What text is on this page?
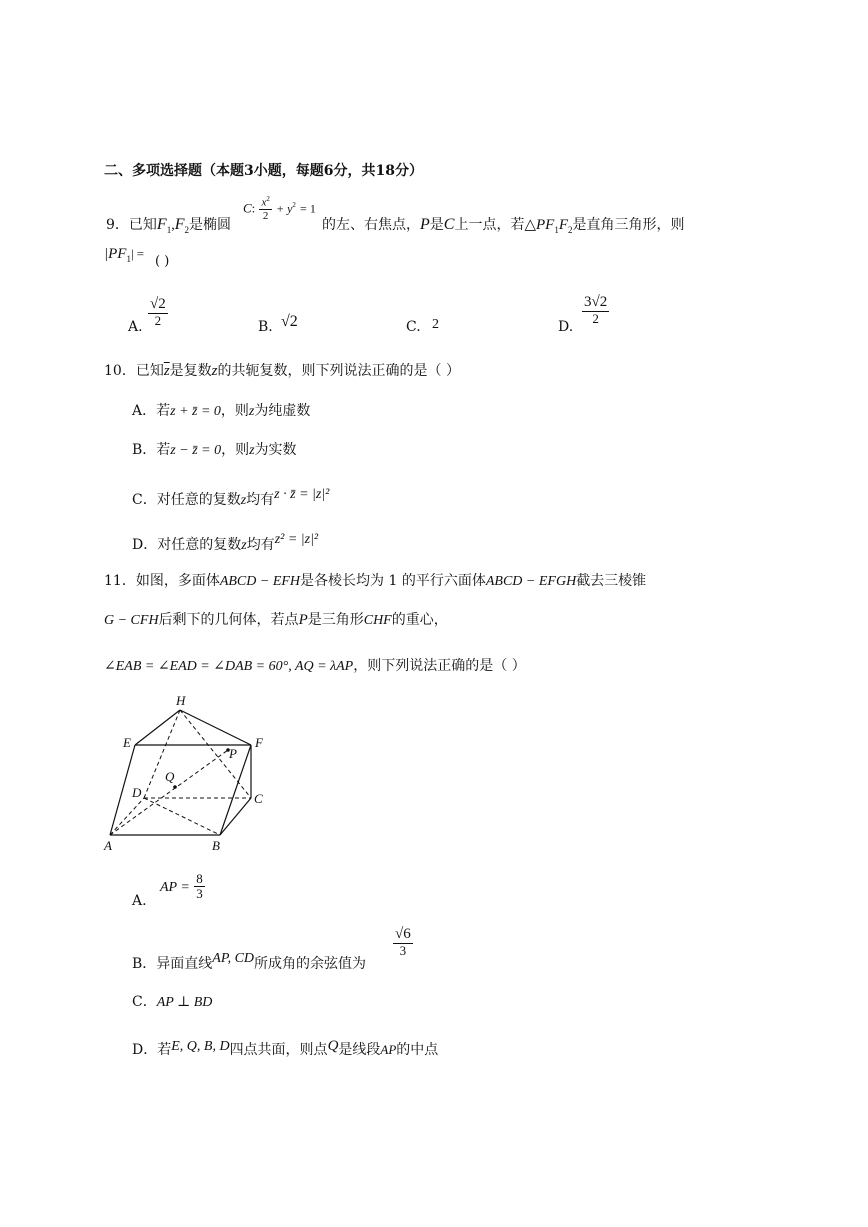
二、多项选择题（本题3小题，每题6分，共18分）
9．已知$F_1,F_2$是椭圆
C: $\frac{x^2}{2} + y^2 = 1$
的左、右焦点，P是C上一点，若$\triangle PF_1F_2$是直角三角形，则
$|PF_1|$ =
( )
A. $\frac{√2}{2}$	B. √2	C. 2	D.
$\frac{3√2}{2}$
10．已知$\overline{z}$是复数z的共轭复数，则下列说法正确的是（ ）
A．若z + z̄ = 0，则z为纯虚数
B．若z − z̄ = 0，则z为实数
C．对任意的复数z均有z · z̄ = |z|²
D．对任意的复数z均有z² = |z|²
11．如图，多面体ABCD − EFH是各棱长均为 1 的平行六面体ABCD − EFGH截去三棱锥
G − CFH后剩下的几何体，若点P是三角形CHF的重心，
∠EAB = ∠EAD = ∠DAB = 60°, AQ = λAP，则下列说法正确的是（ ）
H
E	F
P
Q
D	C
A	B
A.
AP = $\frac{8}{3}$
B．异面直线AP, CD所成角的余弦值为
$\frac{√6}{3}$
C．AP ⊥ BD
D．若E, Q, B, D四点共面，则点Q是线段AP的中点
